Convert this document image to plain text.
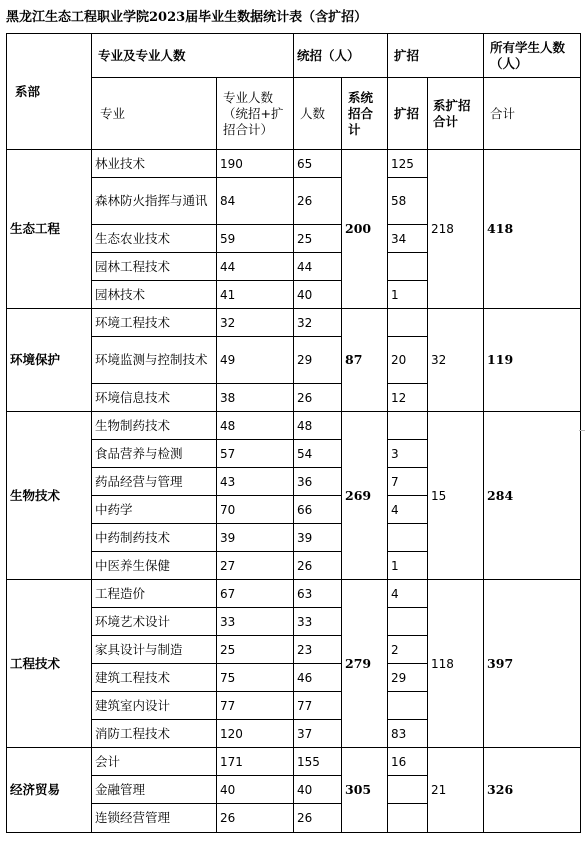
黑龙江生态工程职业学院2023届毕业生数据统计表（含扩招）
系部	专业及专业人数		统招（人）		扩招		所有学生人数（人）
	专业	专业人数（统招+扩招合计）	人数	系统招合计	扩招	系扩招合计	合计
生态工程	林业技术	190	65	200	125	218	418
	森林防火指挥与通讯	84	26		58		
	生态农业技术	59	25		34		
	园林工程技术	44	44				
	园林技术	41	40		1		
环境保护	环境工程技术	32	32	87		32	119
	环境监测与控制技术	49	29		20		
	环境信息技术	38	26		12		
生物技术	生物制药技术	48	48	269		15	284
	食品营养与检测	57	54		3		
	药品经营与管理	43	36		7		
	中药学	70	66		4		
	中药制药技术	39	39				
	中医养生保健	27	26		1		
工程技术	工程造价	67	63	279	4	118	397
	环境艺术设计	33	33				
	家具设计与制造	25	23		2		
	建筑工程技术	75	46		29		
	建筑室内设计	77	77				
	消防工程技术	120	37		83		
经济贸易	会计	171	155	305	16	21	326
	金融管理	40	40				
	连锁经营管理	26	26				
